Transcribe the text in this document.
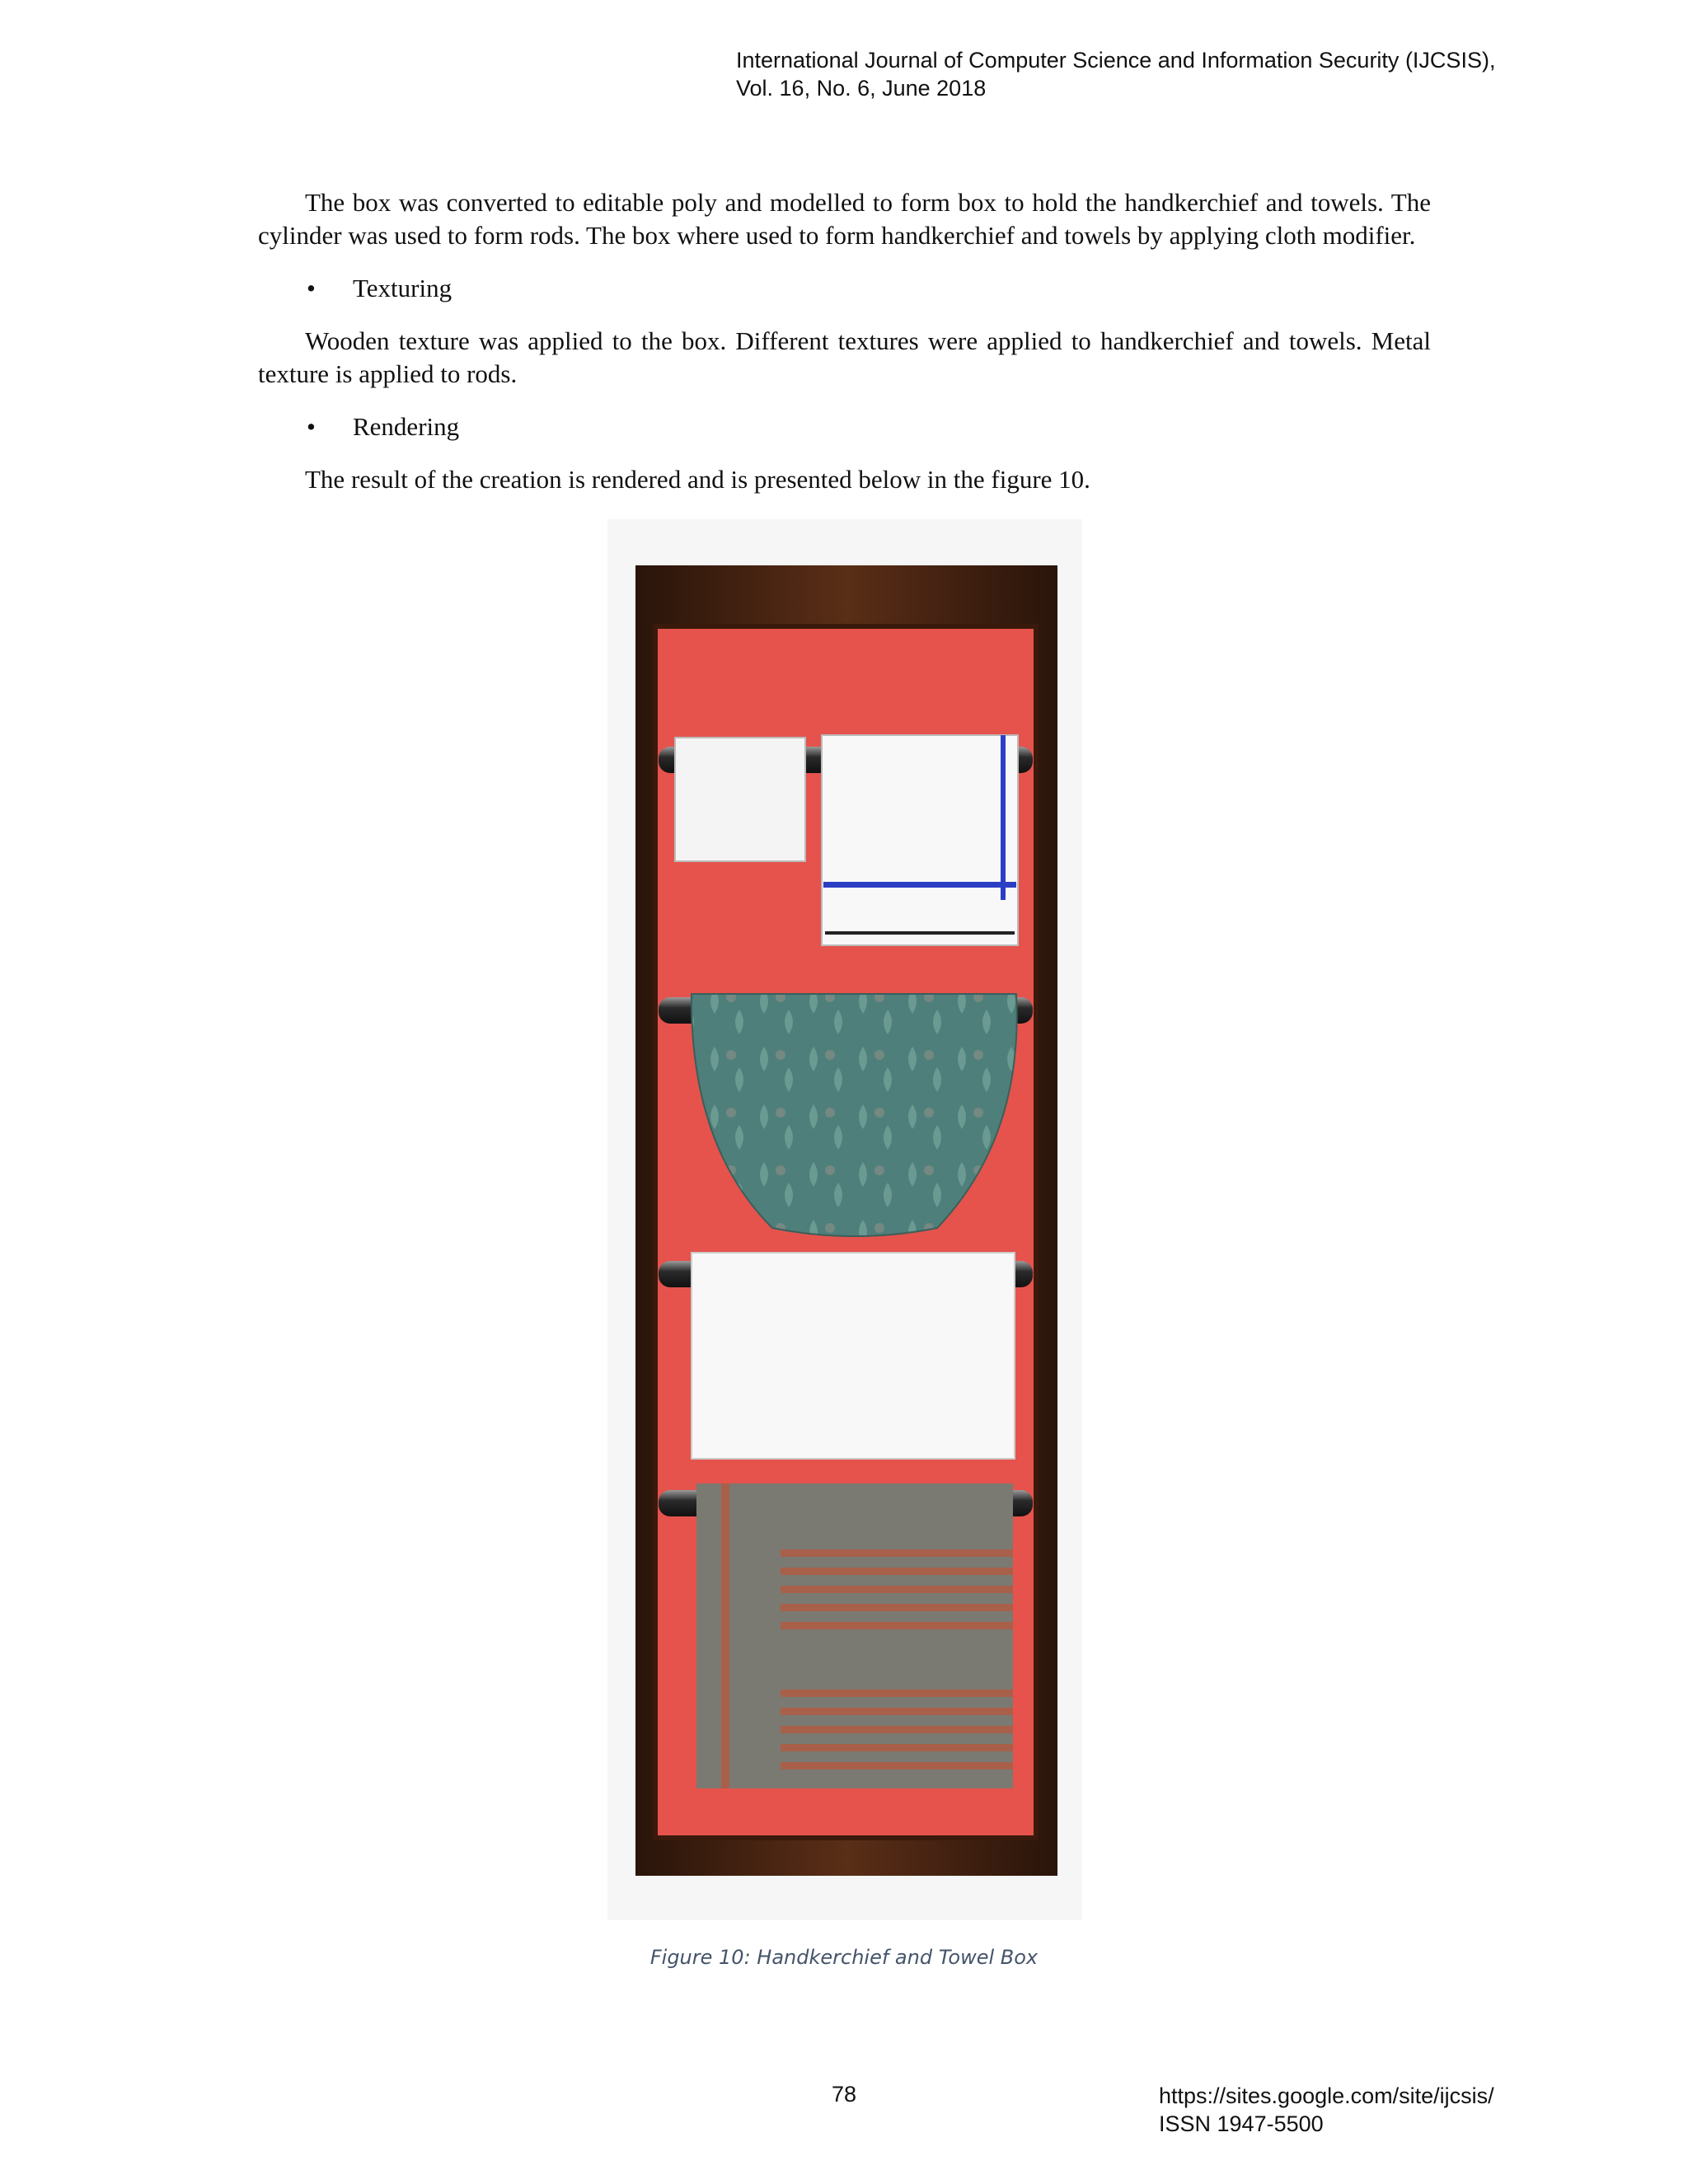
International Journal of Computer Science and Information Security (IJCSIS),
Vol. 16, No. 6, June 2018

The box was converted to editable poly and modelled to form box to hold the handkerchief and towels. The cylinder was used to form rods. The box where used to form handkerchief and towels by applying cloth modifier.

• Texturing

Wooden texture was applied to the box. Different textures were applied to handkerchief and towels. Metal texture is applied to rods.

• Rendering

The result of the creation is rendered and is presented below in the figure 10.

Figure 10: Handkerchief and Towel Box
78	https://sites.google.com/site/ijcsis/
ISSN 1947-5500
